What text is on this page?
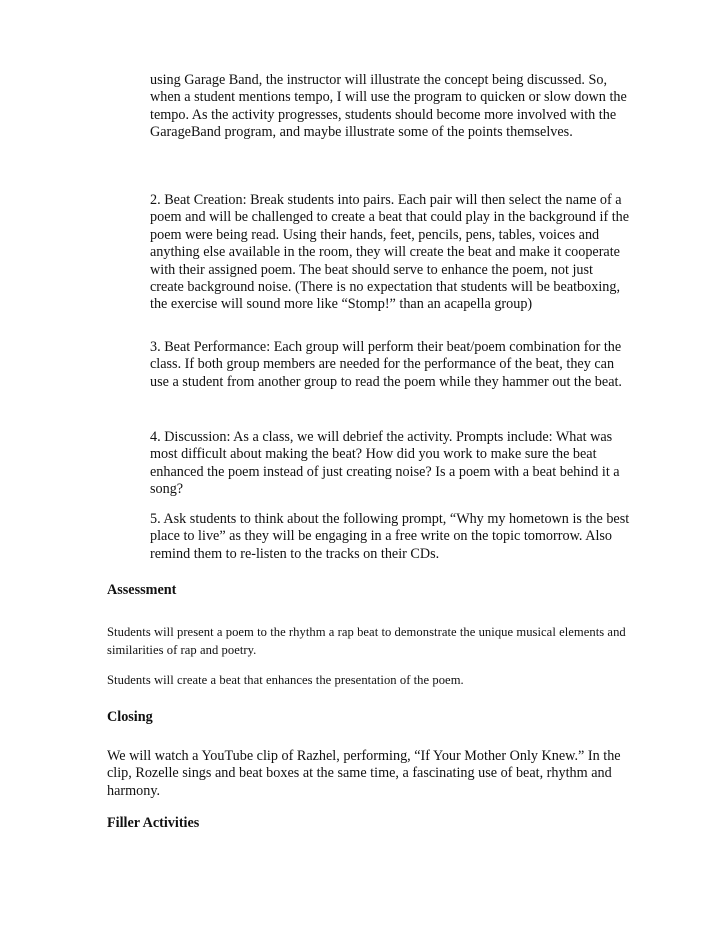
using Garage Band, the instructor will illustrate the concept being discussed. So, when a student mentions tempo, I will use the program to quicken or slow down the tempo. As the activity progresses, students should become more involved with the GarageBand program, and maybe illustrate some of the points themselves.

2. Beat Creation: Break students into pairs. Each pair will then select the name of a poem and will be challenged to create a beat that could play in the background if the poem were being read. Using their hands, feet, pencils, pens, tables, voices and anything else available in the room, they will create the beat and make it cooperate with their assigned poem. The beat should serve to enhance the poem, not just create background noise. (There is no expectation that students will be beatboxing, the exercise will sound more like “Stomp!” than an acapella group)

3. Beat Performance: Each group will perform their beat/poem combination for the class. If both group members are needed for the performance of the beat, they can use a student from another group to read the poem while they hammer out the beat.

4. Discussion: As a class, we will debrief the activity. Prompts include: What was most difficult about making the beat? How did you work to make sure the beat enhanced the poem instead of just creating noise? Is a poem with a beat behind it a song?

5. Ask students to think about the following prompt, “Why my hometown is the best place to live” as they will be engaging in a free write on the topic tomorrow. Also remind them to re-listen to the tracks on their CDs.

Assessment

Students will present a poem to the rhythm a rap beat to demonstrate the unique musical elements and similarities of rap and poetry.

Students will create a beat that enhances the presentation of the poem.

Closing

We will watch a YouTube clip of Razhel, performing, “If Your Mother Only Knew.” In the clip, Rozelle sings and beat boxes at the same time, a fascinating use of beat, rhythm and harmony.

Filler Activities
